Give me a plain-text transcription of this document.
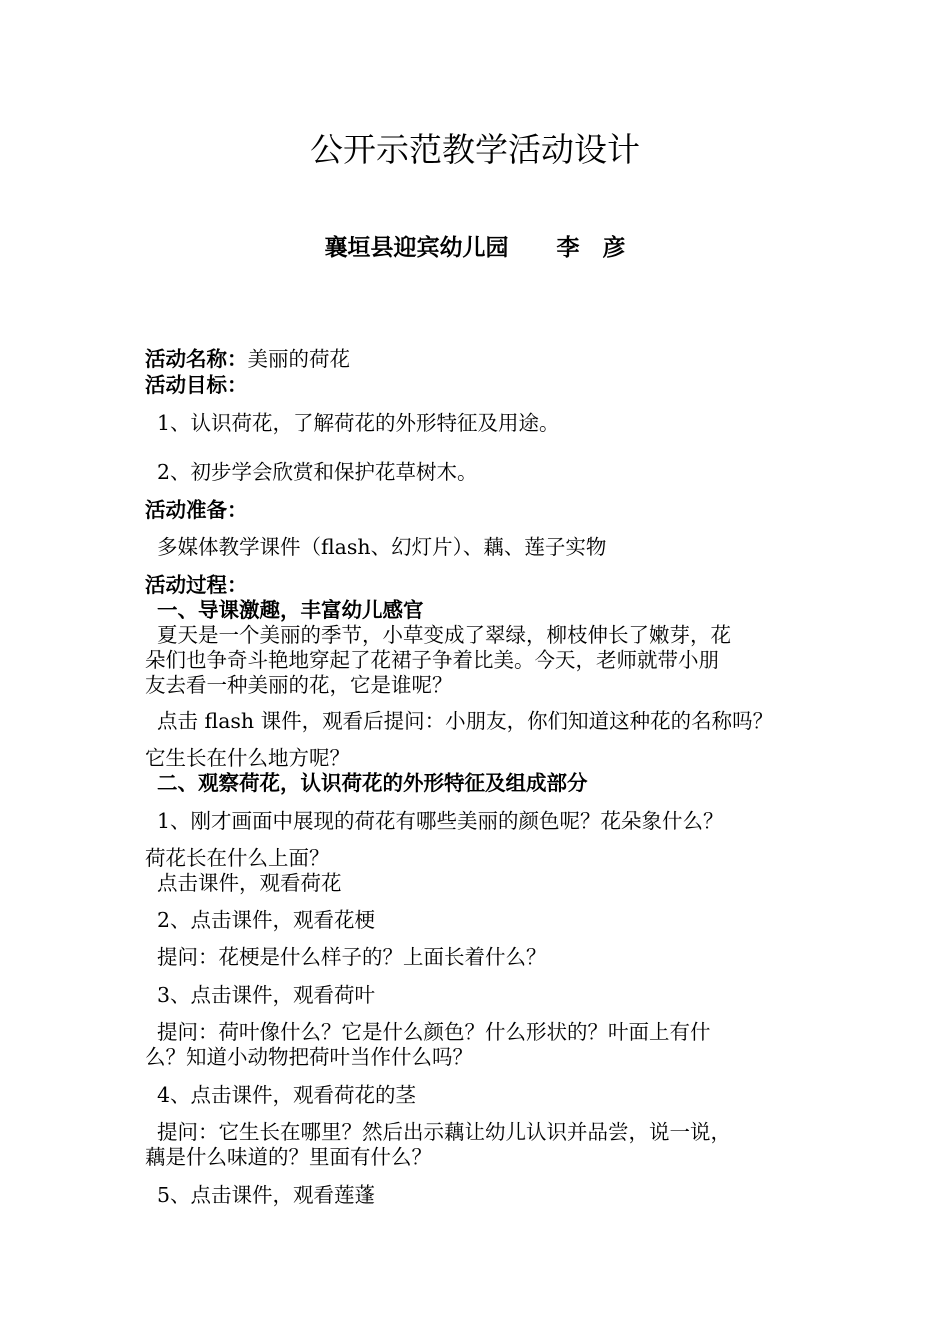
公开示范教学活动设计
襄垣县迎宾幼儿园 李　彦
活动名称：美丽的荷花
活动目标：
1、认识荷花，了解荷花的外形特征及用途。
2、初步学会欣赏和保护花草树木。
活动准备：
多媒体教学课件（flash、幻灯片）、藕、莲子实物
活动过程：
一、导课激趣，丰富幼儿感官
夏天是一个美丽的季节，小草变成了翠绿，柳枝伸长了嫩芽，花
朵们也争奇斗艳地穿起了花裙子争着比美。今天，老师就带小朋
友去看一种美丽的花，它是谁呢？
点击 flash 课件，观看后提问：小朋友，你们知道这种花的名称吗？
它生长在什么地方呢？
二、观察荷花，认识荷花的外形特征及组成部分
1、刚才画面中展现的荷花有哪些美丽的颜色呢？花朵象什么？
荷花长在什么上面？
点击课件，观看荷花
2、点击课件，观看花梗
提问：花梗是什么样子的？上面长着什么？
3、点击课件，观看荷叶
提问：荷叶像什么？它是什么颜色？什么形状的？叶面上有什
么？知道小动物把荷叶当作什么吗？
4、点击课件，观看荷花的茎
提问：它生长在哪里？然后出示藕让幼儿认识并品尝，说一说，
藕是什么味道的？里面有什么？
5、点击课件，观看莲蓬
